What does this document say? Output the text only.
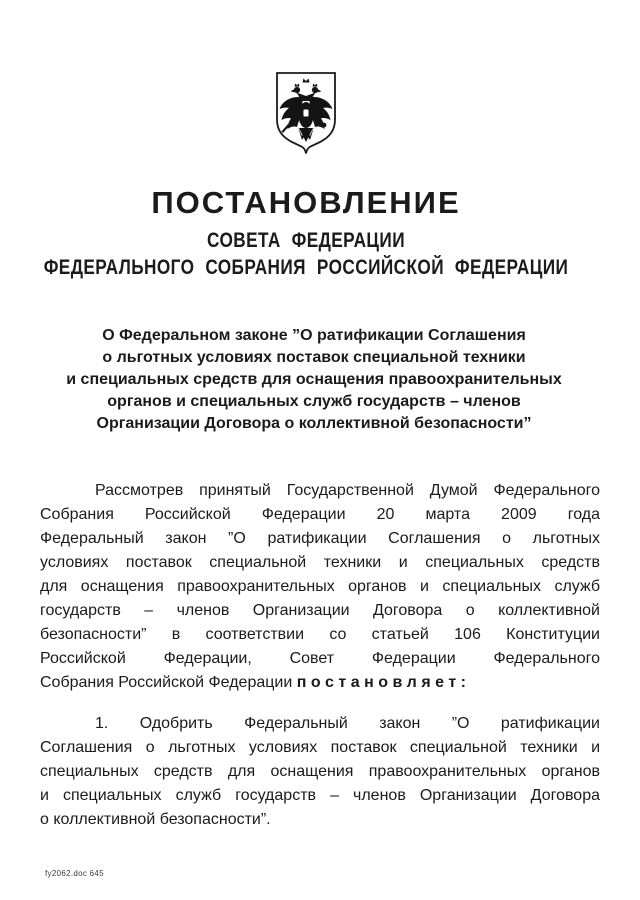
ПОСТАНОВЛЕНИЕ
СОВЕТА ФЕДЕРАЦИИ
ФЕДЕРАЛЬНОГО СОБРАНИЯ РОССИЙСКОЙ ФЕДЕРАЦИИ
О Федеральном законе ”О ратификации Соглашения
о льготных условиях поставок специальной техники
и специальных средств для оснащения правоохранительных
органов и специальных служб государств – членов
Организации Договора о коллективной безопасности”
Рассмотрев принятый Государственной Думой Федерального
Собрания Российской Федерации 20 марта 2009 года
Федеральный закон ”О ратификации Соглашения о льготных
условиях поставок специальной техники и специальных средств
для оснащения правоохранительных органов и специальных служб
государств – членов Организации Договора о коллективной
безопасности” в соответствии со статьей 106 Конституции
Российской Федерации, Совет Федерации Федерального
Собрания Российской Федерации постановляет:
1. Одобрить Федеральный закон ”О ратификации
Соглашения о льготных условиях поставок специальной техники и
специальных средств для оснащения правоохранительных органов
и специальных служб государств – членов Организации Договора
о коллективной безопасности”.
fy2062.doc 645
